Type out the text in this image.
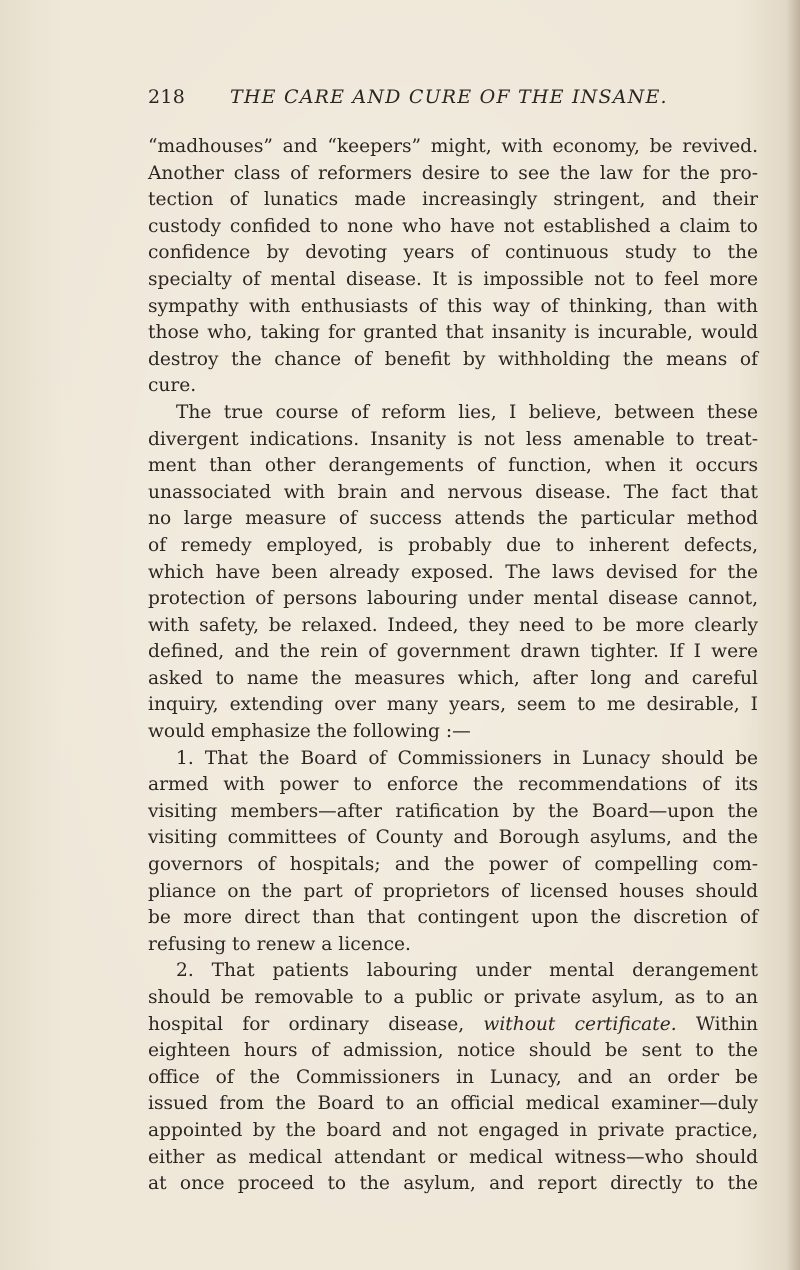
218 THE CARE AND CURE OF THE INSANE.
“madhouses” and “keepers” might, with economy, be revived.
Another class of reformers desire to see the law for the pro-
tection of lunatics made increasingly stringent, and their
custody confided to none who have not established a claim to
confidence by devoting years of continuous study to the
specialty of mental disease. It is impossible not to feel more
sympathy with enthusiasts of this way of thinking, than with
those who, taking for granted that insanity is incurable, would
destroy the chance of benefit by withholding the means of
cure.
The true course of reform lies, I believe, between these
divergent indications. Insanity is not less amenable to treat-
ment than other derangements of function, when it occurs
unassociated with brain and nervous disease. The fact that
no large measure of success attends the particular method
of remedy employed, is probably due to inherent defects,
which have been already exposed. The laws devised for the
protection of persons labouring under mental disease cannot,
with safety, be relaxed. Indeed, they need to be more clearly
defined, and the rein of government drawn tighter. If I were
asked to name the measures which, after long and careful
inquiry, extending over many years, seem to me desirable, I
would emphasize the following :—
1. That the Board of Commissioners in Lunacy should be
armed with power to enforce the recommendations of its
visiting members—after ratification by the Board—upon the
visiting committees of County and Borough asylums, and the
governors of hospitals; and the power of compelling com-
pliance on the part of proprietors of licensed houses should
be more direct than that contingent upon the discretion of
refusing to renew a licence.
2. That patients labouring under mental derangement
should be removable to a public or private asylum, as to an
hospital for ordinary disease, without certificate. Within
eighteen hours of admission, notice should be sent to the
office of the Commissioners in Lunacy, and an order be
issued from the Board to an official medical examiner—duly
appointed by the board and not engaged in private practice,
either as medical attendant or medical witness—who should
at once proceed to the asylum, and report directly to the
